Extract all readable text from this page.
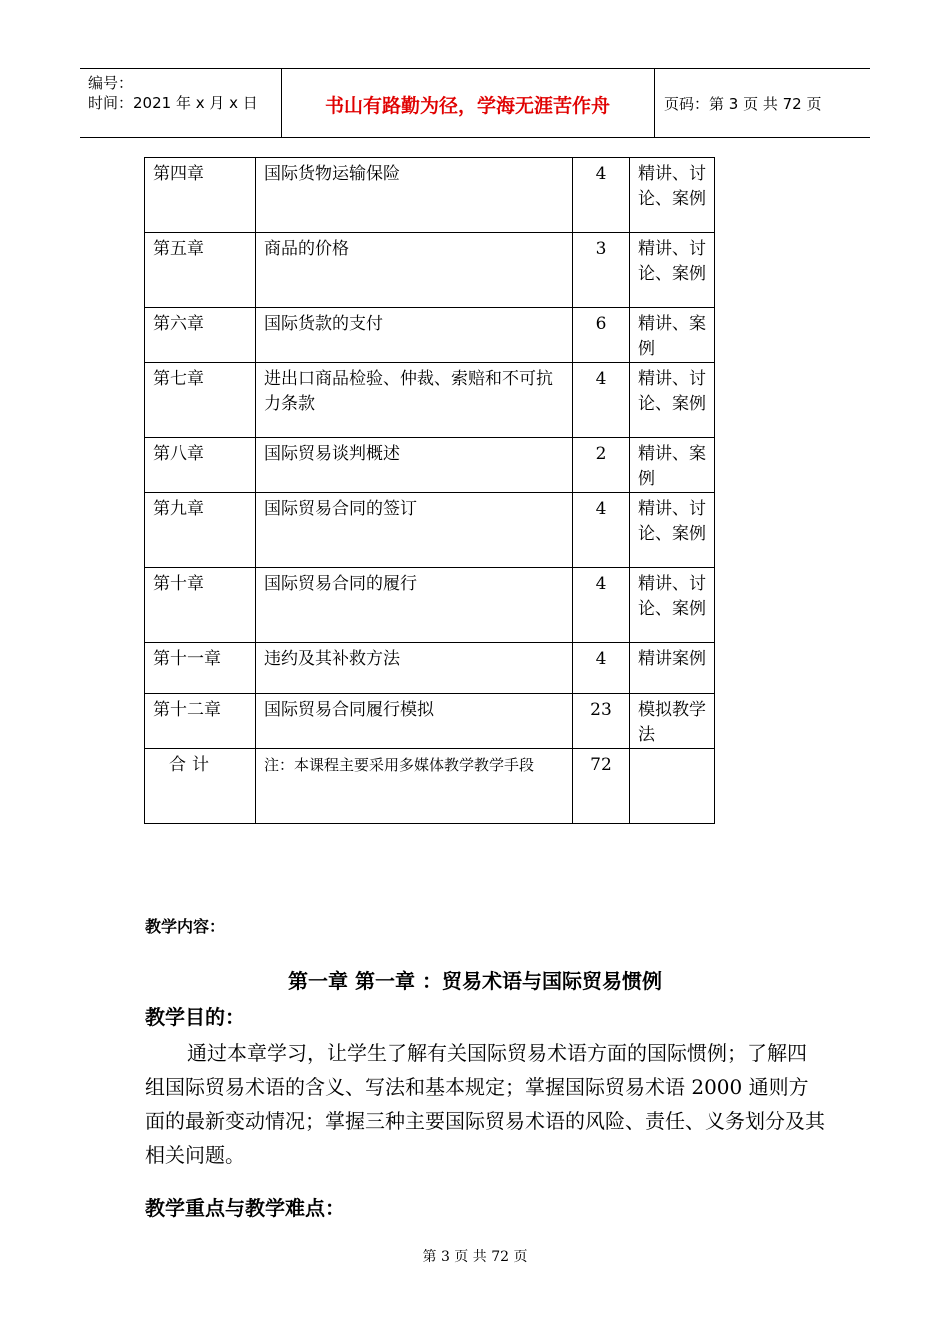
编号：
时间：2021 年 x 月 x 日	书山有路勤为径，学海无涯苦作舟	页码：第 3 页 共 72 页
第四章	国际货物运输保险	4	精讲、讨论、案例
第五章	商品的价格	3	精讲、讨论、案例
第六章	国际货款的支付	6	精讲、案例
第七章	进出口商品检验、仲裁、索赔和不可抗力条款	4	精讲、讨论、案例
第八章	国际贸易谈判概述	2	精讲、案例
第九章	国际贸易合同的签订	4	精讲、讨论、案例
第十章	国际贸易合同的履行	4	精讲、讨论、案例
第十一章	违约及其补救方法	4	精讲案例
第十二章	国际贸易合同履行模拟	23	模拟教学法
合计	注：本课程主要采用多媒体教学教学手段	72	
教学内容：
第一章 第一章 ：贸易术语与国际贸易惯例
教学目的：
通过本章学习，让学生了解有关国际贸易术语方面的国际惯例；了解四组国际贸易术语的含义、写法和基本规定；掌握国际贸易术语 2000 通则方面的最新变动情况；掌握三种主要国际贸易术语的风险、责任、义务划分及其相关问题。
教学重点与教学难点：
第 3 页 共 72 页
